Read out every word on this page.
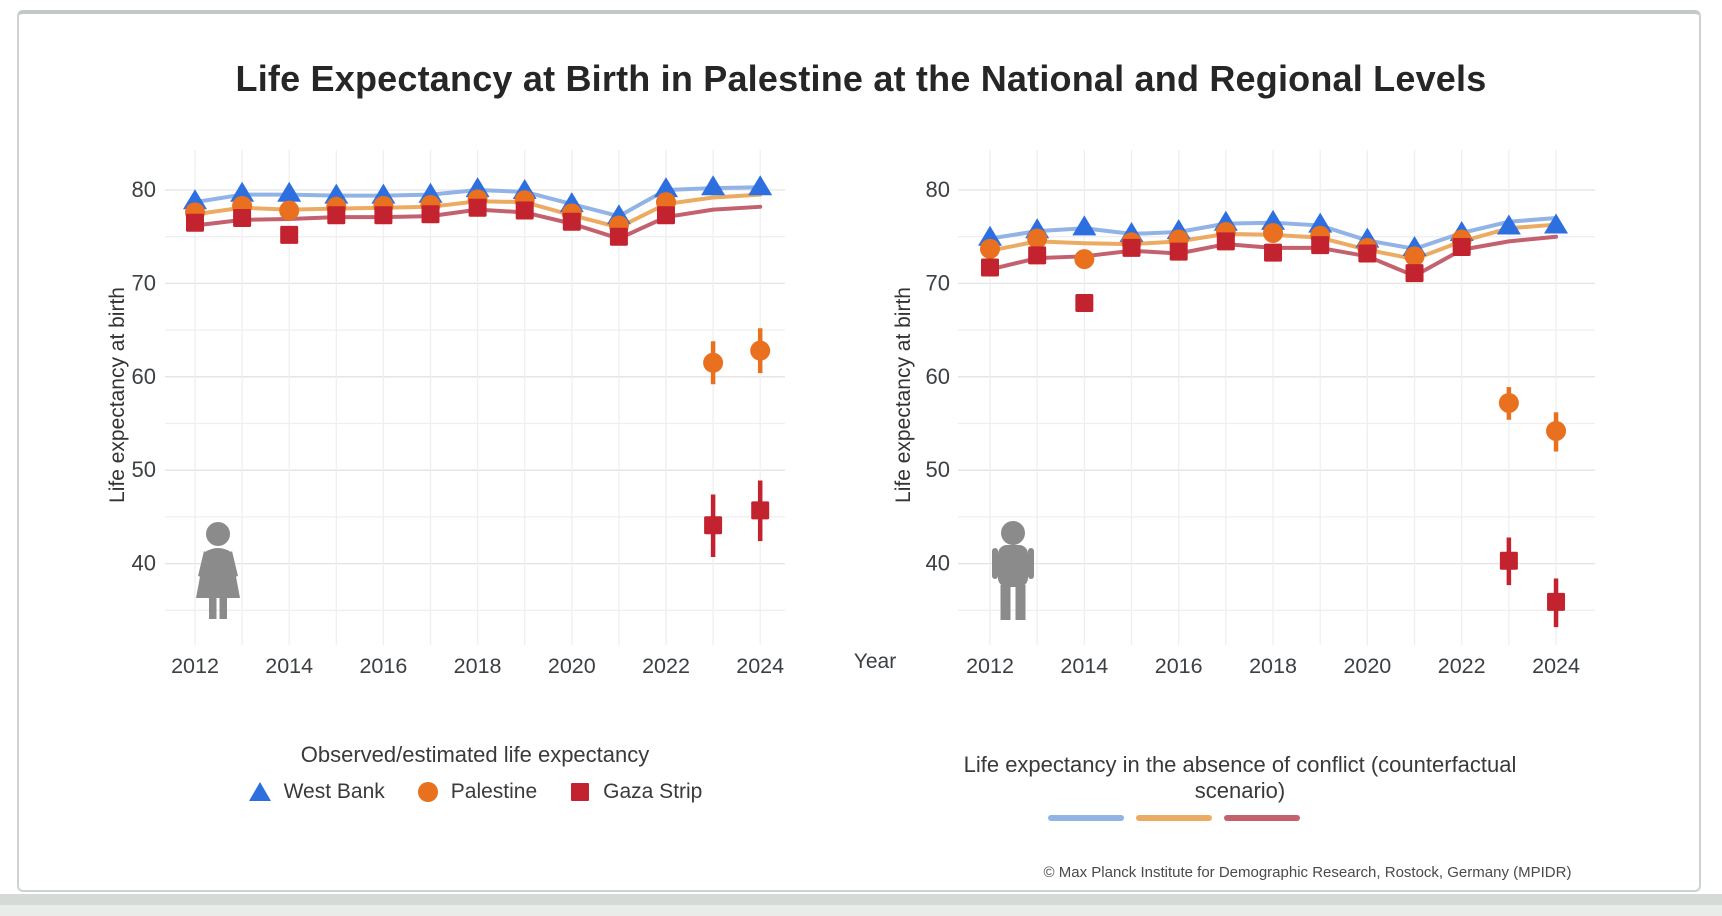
Life Expectancy at Birth in Palestine at the National and Regional Levels
40
50
60
70
80
2012 2014 2016 2018 2020 2022 2024
Life expectancy at birth
40
50
60
70
80
2012 2014 2016 2018 2020 2022 2024
Life expectancy at birth
Year
Observed/estimated life expectancy
West Bank	Palestine	Gaza Strip
Life expectancy in the absence of conflict (counterfactual scenario)
© Max Planck Institute for Demographic Research, Rostock, Germany (MPIDR)
